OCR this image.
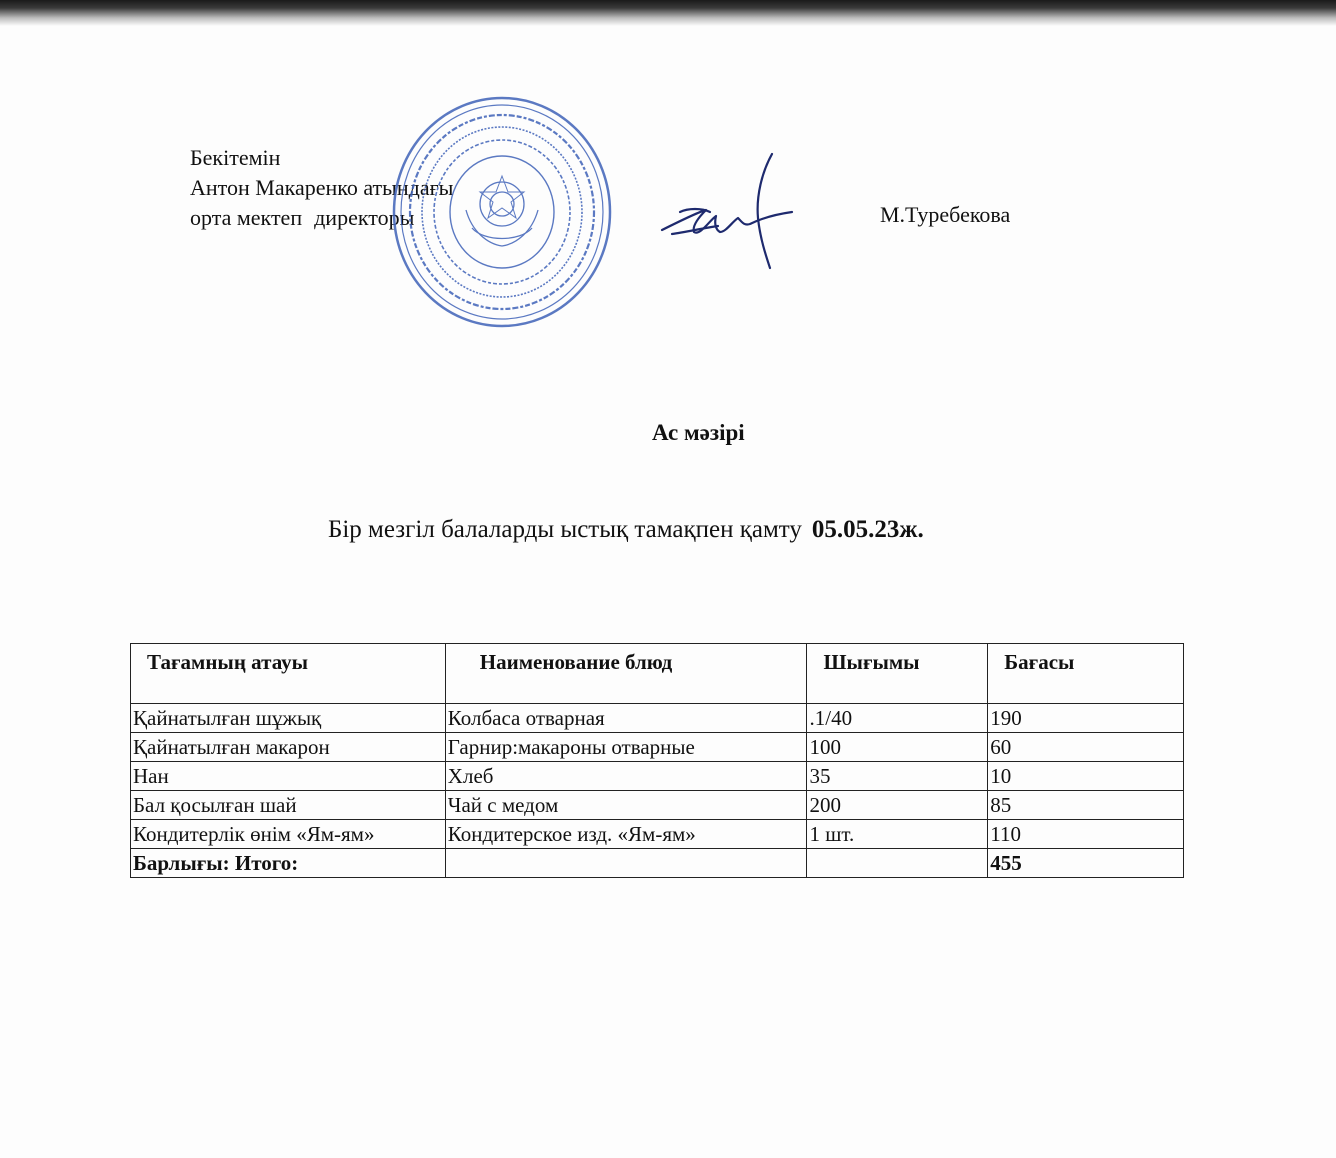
Бекітемін
Антон Макаренко атындағы
орта мектеп директоры	М.Туребекова
Ас мәзірі
Бір мезгіл балаларды ыстық тамақпен қамту 05.05.23ж.
Тағамның атауы	Наименование блюд	Шығымы	Бағасы
Қайнатылған шұжық	Колбаса отварная	.1/40	190
Қайнатылған макарон	Гарнир:макароны отварные	100	60
Нан	Хлеб	35	10
Бал қосылған шай	Чай с медом	200	85
Кондитерлік өнім «Ям-ям»	Кондитерское изд. «Ям-ям»	1 шт.	110
Барлығы: Итого:			455
